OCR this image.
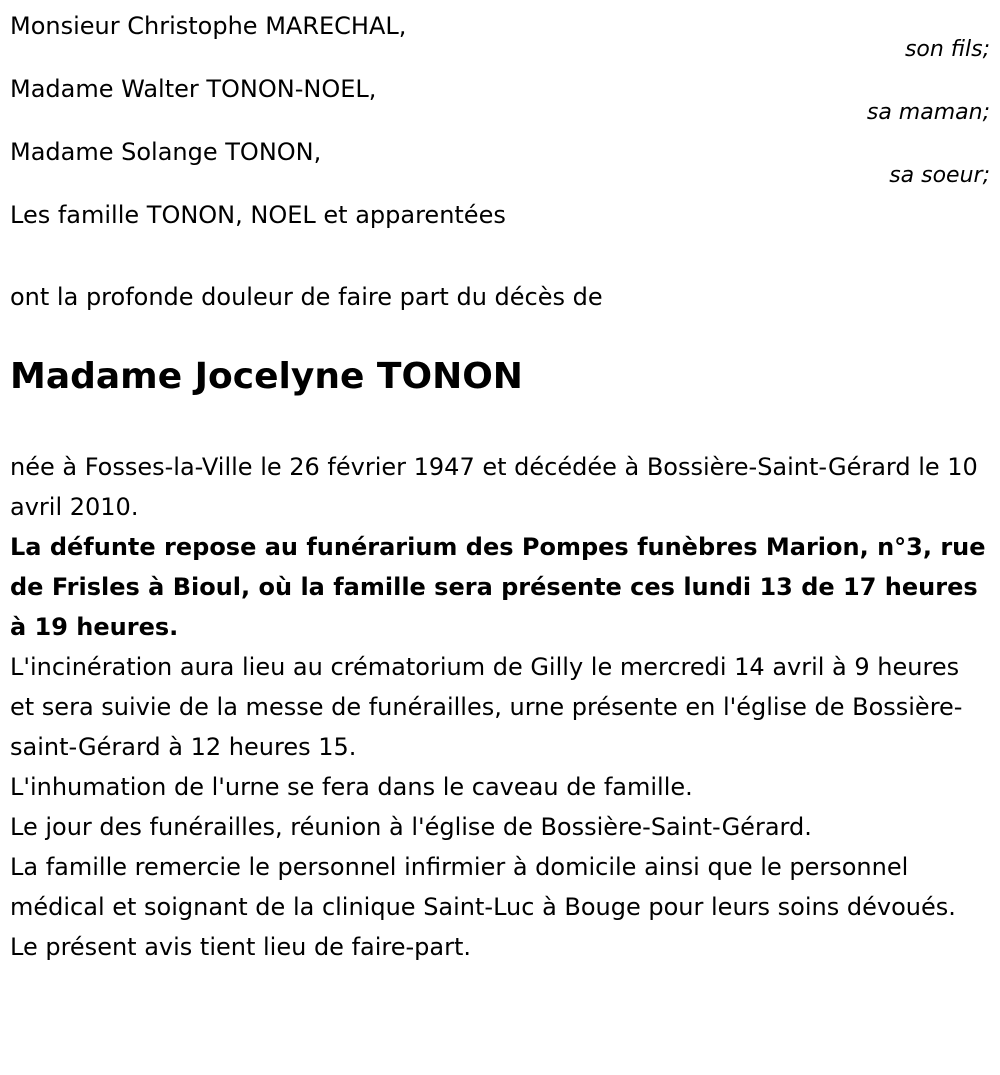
Monsieur Christophe MARECHAL,
son fils;
Madame Walter TONON-NOEL,
sa maman;
Madame Solange TONON,
sa soeur;
Les famille TONON, NOEL et apparentées
ont la profonde douleur de faire part du décès de
Madame Jocelyne TONON

née à Fosses-la-Ville le 26 février 1947 et décédée à Bossière-Saint-Gérard le 10 avril 2010.

La défunte repose au funérarium des Pompes funèbres Marion, n°3, rue de Frisles à Bioul, où la famille sera présente ces lundi 13 de 17 heures à 19 heures.

L'incinération aura lieu au crématorium de Gilly le mercredi 14 avril à 9 heures et sera suivie de la messe de funérailles, urne présente en l'église de Bossière-saint-Gérard à 12 heures 15.

L'inhumation de l'urne se fera dans le caveau de famille.

Le jour des funérailles, réunion à l'église de Bossière-Saint-Gérard.

La famille remercie le personnel infirmier à domicile ainsi que le personnel médical et soignant de la clinique Saint-Luc à Bouge pour leurs soins dévoués.

Le présent avis tient lieu de faire-part.
